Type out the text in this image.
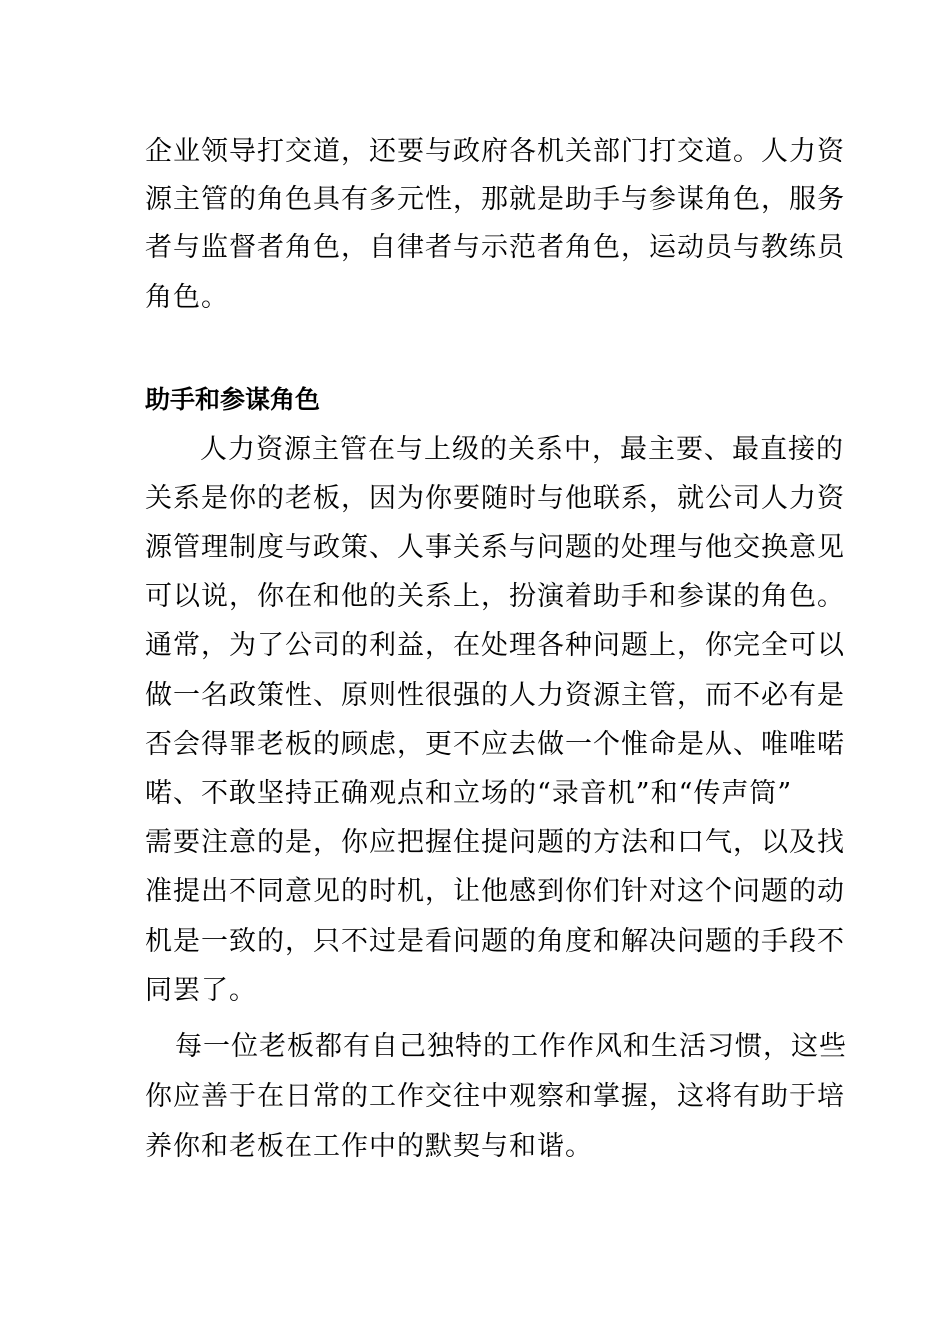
企业领导打交道，还要与政府各机关部门打交道。人力资
源主管的角色具有多元性，那就是助手与参谋角色，服务
者与监督者角色，自律者与示范者角色，运动员与教练员
角色。
助手和参谋角色
人力资源主管在与上级的关系中，最主要、最直接的
关系是你的老板，因为你要随时与他联系，就公司人力资
源管理制度与政策、人事关系与问题的处理与他交换意见
可以说，你在和他的关系上，扮演着助手和参谋的角色。
通常，为了公司的利益，在处理各种问题上，你完全可以
做一名政策性、原则性很强的人力资源主管，而不必有是
否会得罪老板的顾虑，更不应去做一个惟命是从、唯唯喏
喏、不敢坚持正确观点和立场的“录音机”和“传声筒”
需要注意的是，你应把握住提问题的方法和口气，以及找
准提出不同意见的时机，让他感到你们针对这个问题的动
机是一致的，只不过是看问题的角度和解决问题的手段不
同罢了。
每一位老板都有自己独特的工作作风和生活习惯，这些
你应善于在日常的工作交往中观察和掌握，这将有助于培
养你和老板在工作中的默契与和谐。
